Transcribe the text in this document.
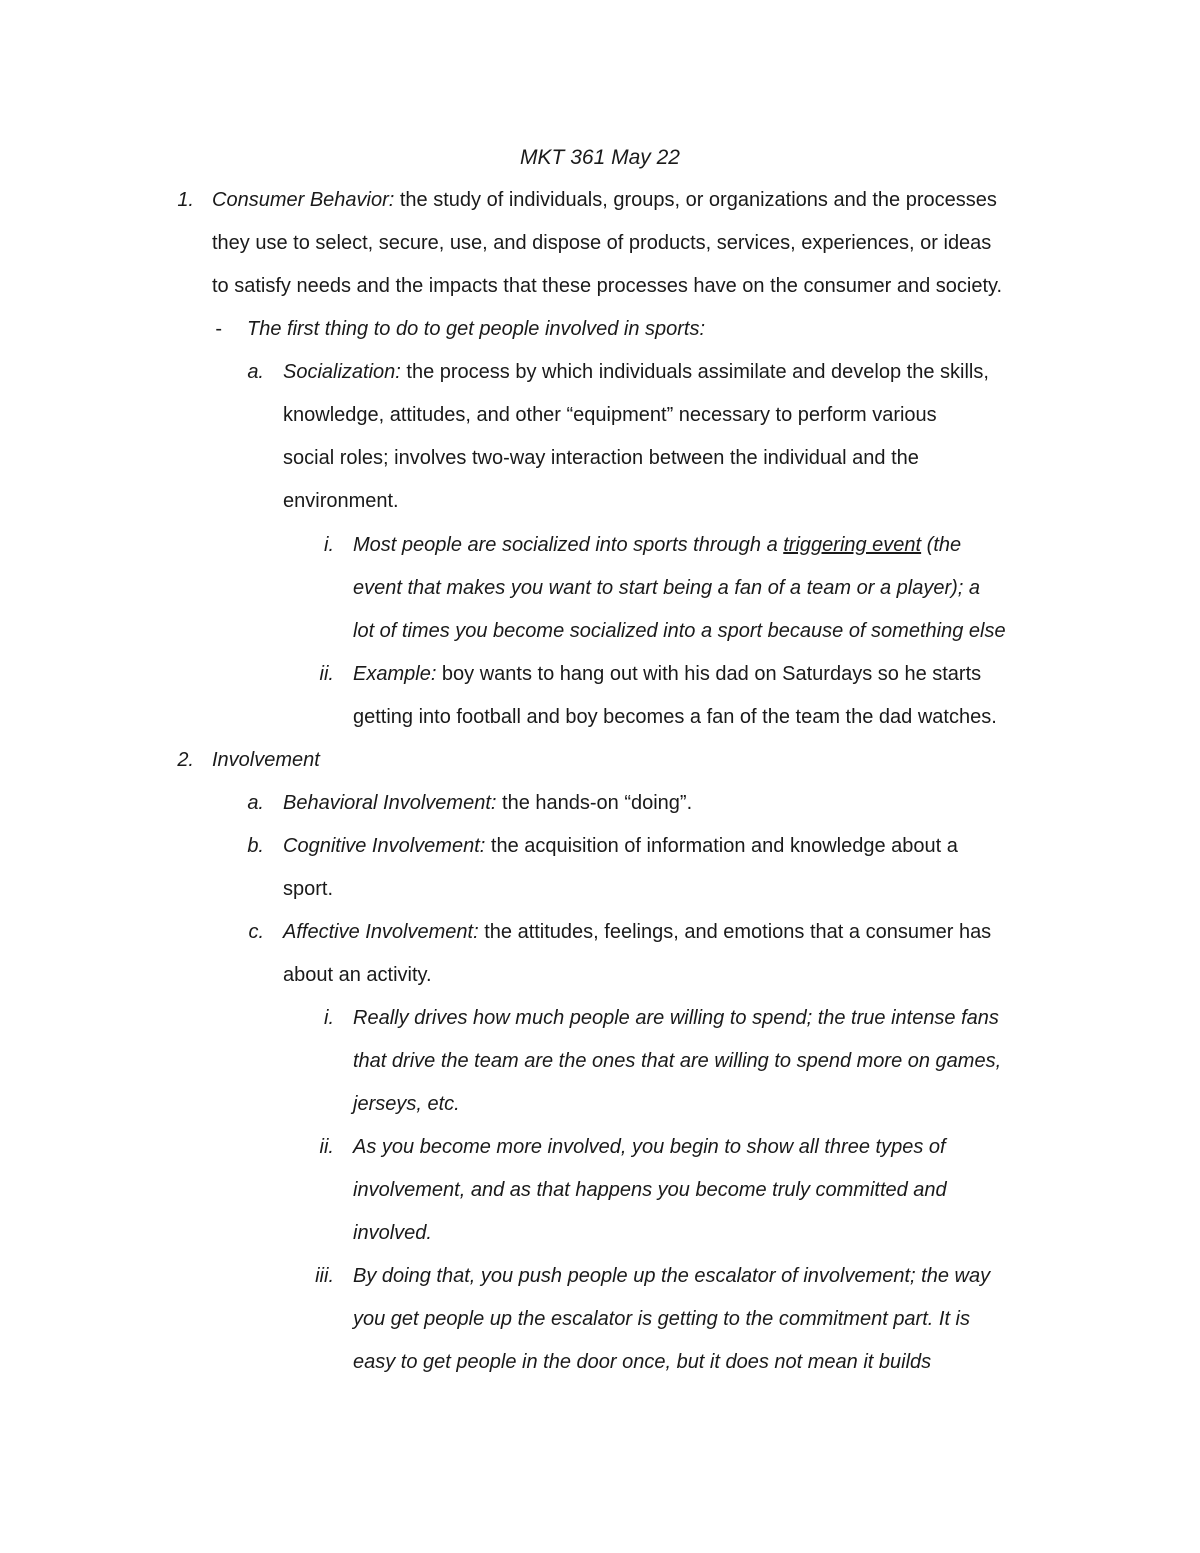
MKT 361 May 22
1. Consumer Behavior: the study of individuals, groups, or organizations and the processes
they use to select, secure, use, and dispose of products, services, experiences, or ideas
to satisfy needs and the impacts that these processes have on the consumer and society.
- The first thing to do to get people involved in sports:
a. Socialization: the process by which individuals assimilate and develop the skills,
knowledge, attitudes, and other “equipment” necessary to perform various
social roles; involves two-way interaction between the individual and the
environment.
i. Most people are socialized into sports through a triggering event (the
event that makes you want to start being a fan of a team or a player); a
lot of times you become socialized into a sport because of something else
ii. Example: boy wants to hang out with his dad on Saturdays so he starts
getting into football and boy becomes a fan of the team the dad watches.
2. Involvement
a. Behavioral Involvement: the hands-on “doing”.
b. Cognitive Involvement: the acquisition of information and knowledge about a
sport.
c. Affective Involvement: the attitudes, feelings, and emotions that a consumer has
about an activity.
i. Really drives how much people are willing to spend; the true intense fans
that drive the team are the ones that are willing to spend more on games,
jerseys, etc.
ii. As you become more involved, you begin to show all three types of
involvement, and as that happens you become truly committed and
involved.
iii. By doing that, you push people up the escalator of involvement; the way
you get people up the escalator is getting to the commitment part. It is
easy to get people in the door once, but it does not mean it builds
